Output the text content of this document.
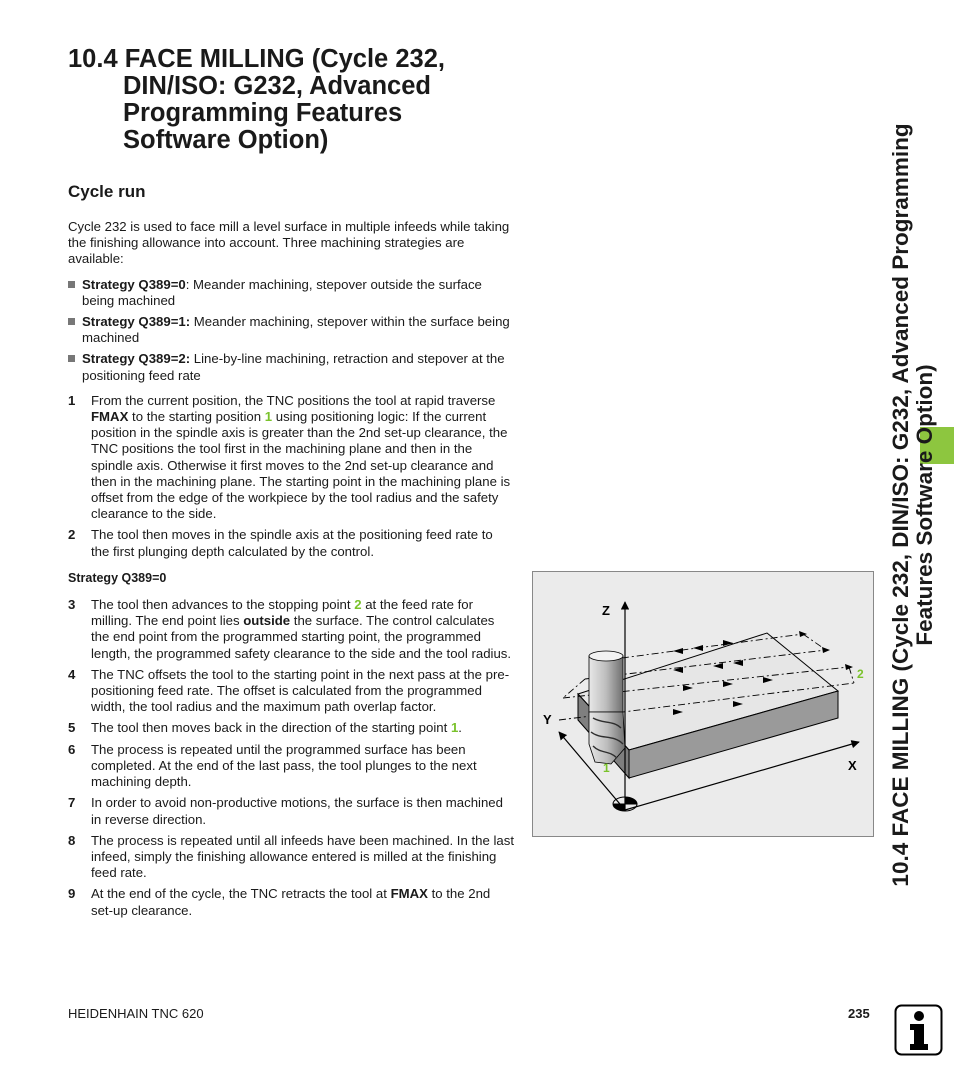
10.4 FACE MILLING (Cycle 232,
DIN/ISO: G232, Advanced
Programming Features
Software Option)
Cycle run

Cycle 232 is used to face mill a level surface in multiple infeeds while taking the finishing allowance into account. Three machining strategies are available:

Strategy Q389=0: Meander machining, stepover outside the surface being machined
Strategy Q389=1: Meander machining, stepover within the surface being machined
Strategy Q389=2: Line-by-line machining, retraction and stepover at the positioning feed rate
1 From the current position, the TNC positions the tool at rapid traverse FMAX to the starting position 1 using positioning logic: If the current position in the spindle axis is greater than the 2nd set-up clearance, the TNC positions the tool first in the machining plane and then in the spindle axis. Otherwise it first moves to the 2nd set-up clearance and then in the machining plane. The starting point in the machining plane is offset from the edge of the workpiece by the tool radius and the safety clearance to the side.
2 The tool then moves in the spindle axis at the positioning feed rate to the first plunging depth calculated by the control.
Strategy Q389=0
3 The tool then advances to the stopping point 2 at the feed rate for milling. The end point lies outside the surface. The control calculates the end point from the programmed starting point, the programmed length, the programmed safety clearance to the side and the tool radius.
4 The TNC offsets the tool to the starting point in the next pass at the pre-positioning feed rate. The offset is calculated from the programmed width, the tool radius and the maximum path overlap factor.
5 The tool then moves back in the direction of the starting point 1.
6 The process is repeated until the programmed surface has been completed. At the end of the last pass, the tool plunges to the next machining depth.
7 In order to avoid non-productive motions, the surface is then machined in reverse direction.
8 The process is repeated until all infeeds have been machined. In the last infeed, simply the finishing allowance entered is milled at the finishing feed rate.
9 At the end of the cycle, the TNC retracts the tool at FMAX to the 2nd set-up clearance.
Z
Y
X
1
2 10.4 FACE MILLING (Cycle 232, DIN/ISO: G232, Advanced Programming Features Software Option)
HEIDENHAIN TNC 620	235
